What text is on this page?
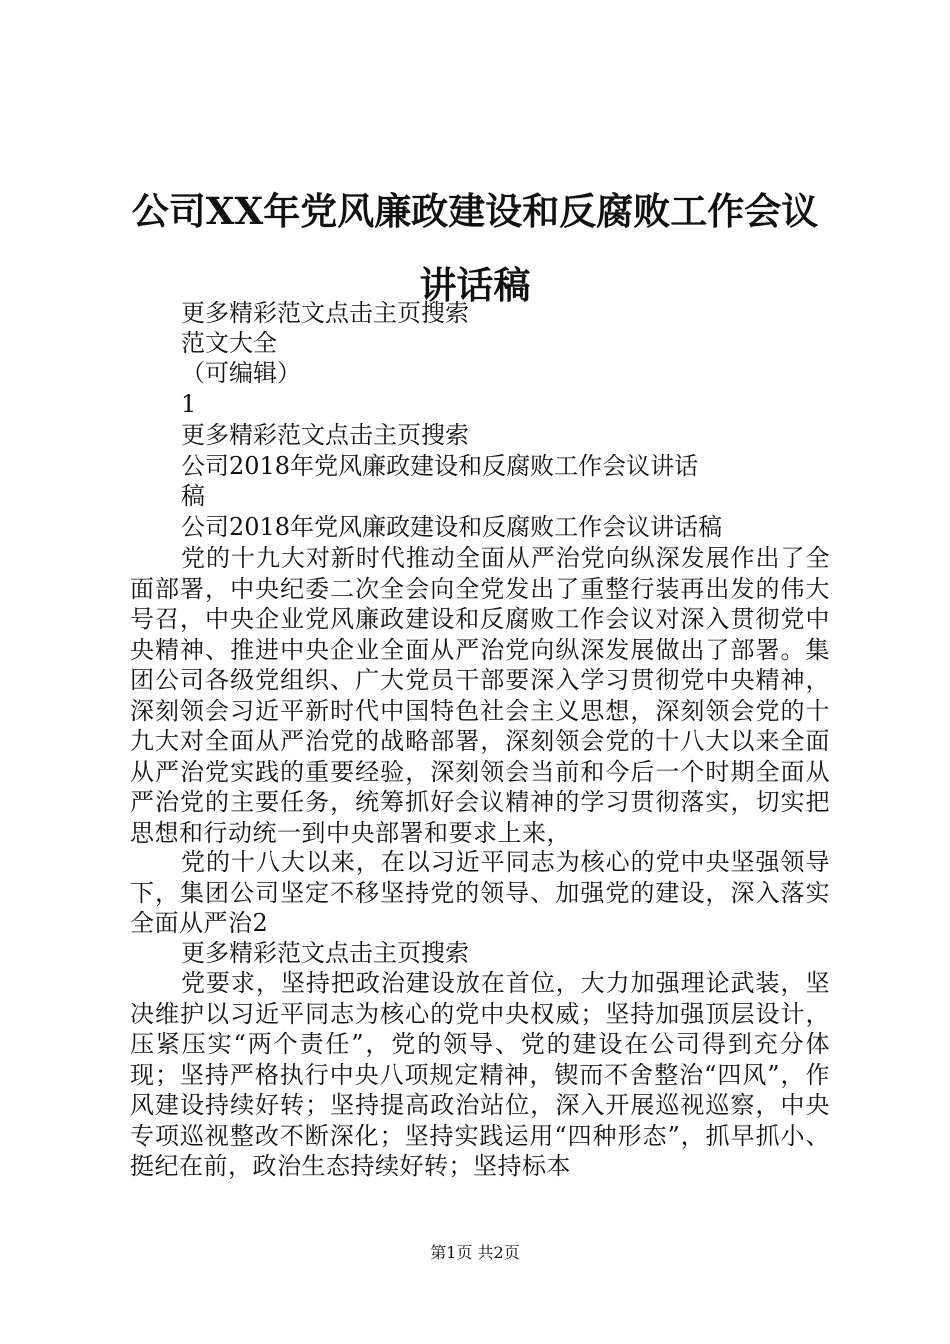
公司XX年党风廉政建设和反腐败工作会议讲话稿
更多精彩范文点击主页搜索
范文大全
（可编辑）
1
更多精彩范文点击主页搜索
公司2018年党风廉政建设和反腐败工作会议讲话
稿
公司2018年党风廉政建设和反腐败工作会议讲话稿
党的十九大对新时代推动全面从严治党向纵深发展作出了全面部署，中央纪委二次全会向全党发出了重整行装再出发的伟大号召，中央企业党风廉政建设和反腐败工作会议对深入贯彻党中央精神、推进中央企业全面从严治党向纵深发展做出了部署。集团公司各级党组织、广大党员干部要深入学习贯彻党中央精神，深刻领会习近平新时代中国特色社会主义思想，深刻领会党的十九大对全面从严治党的战略部署，深刻领会党的十八大以来全面从严治党实践的重要经验，深刻领会当前和今后一个时期全面从严治党的主要任务，统筹抓好会议精神的学习贯彻落实，切实把思想和行动统一到中央部署和要求上来，
党的十八大以来，在以习近平同志为核心的党中央坚强领导下，集团公司坚定不移坚持党的领导、加强党的建设，深入落实全面从严治2
更多精彩范文点击主页搜索
党要求，坚持把政治建设放在首位，大力加强理论武装，坚决维护以习近平同志为核心的党中央权威；坚持加强顶层设计，压紧压实“两个责任”，党的领导、党的建设在公司得到充分体现；坚持严格执行中央八项规定精神，锲而不舍整治“四风”，作风建设持续好转；坚持提高政治站位，深入开展巡视巡察，中央专项巡视整改不断深化；坚持实践运用“四种形态”，抓早抓小、挺纪在前，政治生态持续好转；坚持标本
第1页 共2页
